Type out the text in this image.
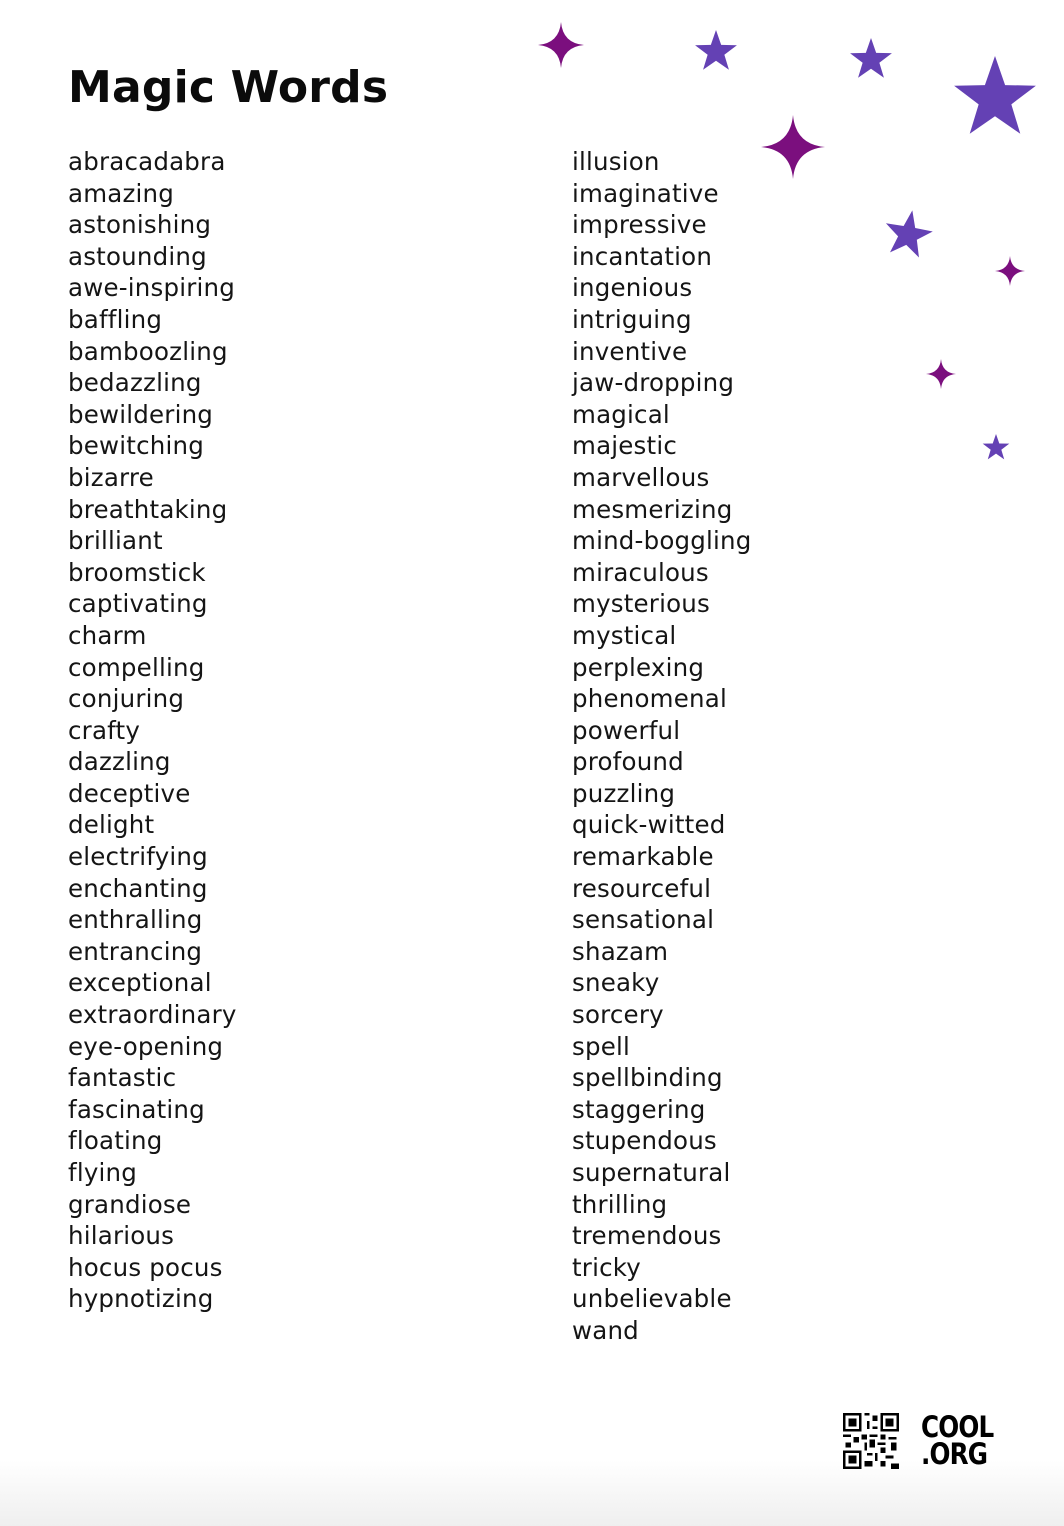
Magic Words
abracadabra
amazing
astonishing
astounding
awe-inspiring
baffling
bamboozling
bedazzling
bewildering
bewitching
bizarre
breathtaking
brilliant
broomstick
captivating
charm
compelling
conjuring
crafty
dazzling
deceptive
delight
electrifying
enchanting
enthralling
entrancing
exceptional
extraordinary
eye-opening
fantastic
fascinating
floating
flying
grandiose
hilarious
hocus pocus
hypnotizing
illusion
imaginative
impressive
incantation
ingenious
intriguing
inventive
jaw-dropping
magical
majestic
marvellous
mesmerizing
mind-boggling
miraculous
mysterious
mystical
perplexing
phenomenal
powerful
profound
puzzling
quick-witted
remarkable
resourceful
sensational
shazam
sneaky
sorcery
spell
spellbinding
staggering
stupendous
supernatural
thrilling
tremendous
tricky
unbelievable
wand
COOL
.ORG
